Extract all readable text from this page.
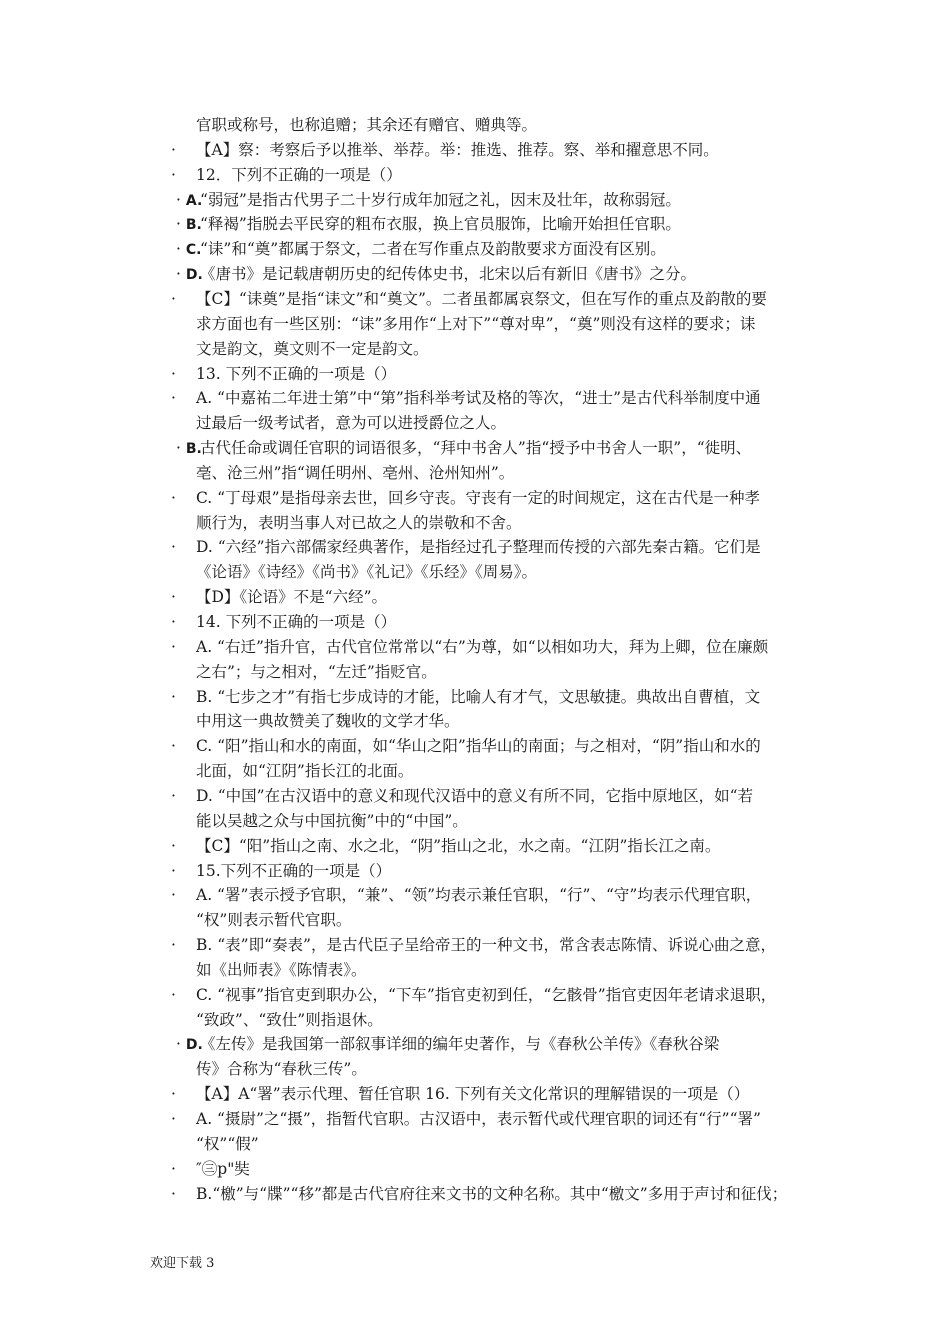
官职或称号，也称追赠；其余还有赠官、赠典等。
·	【A】察：考察后予以推举、举荐。举：推选、推荐。察、举和擢意思不同。
·	12．下列不正确的一项是（）
· A.
“弱冠”是指古代男子二十岁行成年加冠之礼，因末及壮年，故称弱冠。
· B.
“释褐”指脱去平民穿的粗布衣服，换上官员服饰，比喻开始担任官职。
· C.
“诔”和“奠”都属于祭文，二者在写作重点及韵散要求方面没有区别。
· D.
《唐书》是记载唐朝历史的纪传体史书，北宋以后有新旧《唐书》之分。
·	【C】“诔奠”是指“诔文”和“奠文”。二者虽都属哀祭文，但在写作的重点及韵散的要
求方面也有一些区别：“诔”多用作“上对下”“尊对卑”，“奠”则没有这样的要求；诔
文是韵文，奠文则不一定是韵文。
·	13. 下列不正确的一项是（）
·	A. “中嘉祐二年进士第”中“第”指科举考试及格的等次，“进士”是古代科举制度中通
过最后一级考试者，意为可以进授爵位之人。
· B.
古代任命或调任官职的词语很多，“拜中书舍人”指“授予中书舍人一职”，“徙明、
亳、沧三州”指“调任明州、亳州、沧州知州”。
·	C. “丁母艰”是指母亲去世，回乡守丧。守丧有一定的时间规定，这在古代是一种孝
顺行为，表明当事人对已故之人的崇敬和不舍。
·	D. “六经”指六部儒家经典著作，是指经过孔子整理而传授的六部先秦古籍。它们是
《论语》《诗经》《尚书》《礼记》《乐经》《周易》。
·	【D】《论语》不是“六经”。
·	14. 下列不正确的一项是（）
·	A. “右迁”指升官，古代官位常常以“右”为尊，如“以相如功大，拜为上卿，位在廉颇
之右”；与之相对，“左迁”指贬官。
·	B. “七步之才”有指七步成诗的才能，比喻人有才气，文思敏捷。典故出自曹植，文
中用这一典故赞美了魏收的文学才华。
·	C. “阳”指山和水的南面，如“华山之阳”指华山的南面；与之相对，“阴”指山和水的
北面，如“江阴”指长江的北面。
·	D. “中国”在古汉语中的意义和现代汉语中的意义有所不同，它指中原地区，如“若
能以吴越之众与中国抗衡”中的“中国”。
·	【C】“阳”指山之南、水之北，“阴”指山之北，水之南。“江阴”指长江之南。
·	15.下列不正确的一项是（）
·	A. “署”表示授予官职，“兼”、“领”均表示兼任官职，“行”、“守”均表示代理官职，
“权”则表示暂代官职。
·	B. “表”即“奏表”，是古代臣子呈给帝王的一种文书，常含表志陈情、诉说心曲之意，
如《出师表》《陈情表》。
·	C. “视事”指官吏到职办公，“下车”指官吏初到任，“乞骸骨”指官吏因年老请求退职，
“致政”、“致仕”则指退休。
· D.
《左传》是我国第一部叙事详细的编年史著作，与《春秋公羊传》《春秋谷梁
传》合称为“春秋三传”。
·	【A】A“署”表示代理、暂任官职 16. 下列有关文化常识的理解错误的一项是（）
·	A. “摄尉”之“摄”，指暂代官职。古汉语中，表示暂代或代理官职的词还有“行”“署”
“权”“假”
·	″㊂p"奘
·	B.“檄”与“牒”“移”都是古代官府往来文书的文种名称。其中“檄文”多用于声讨和征伐；
欢迎下载 3
